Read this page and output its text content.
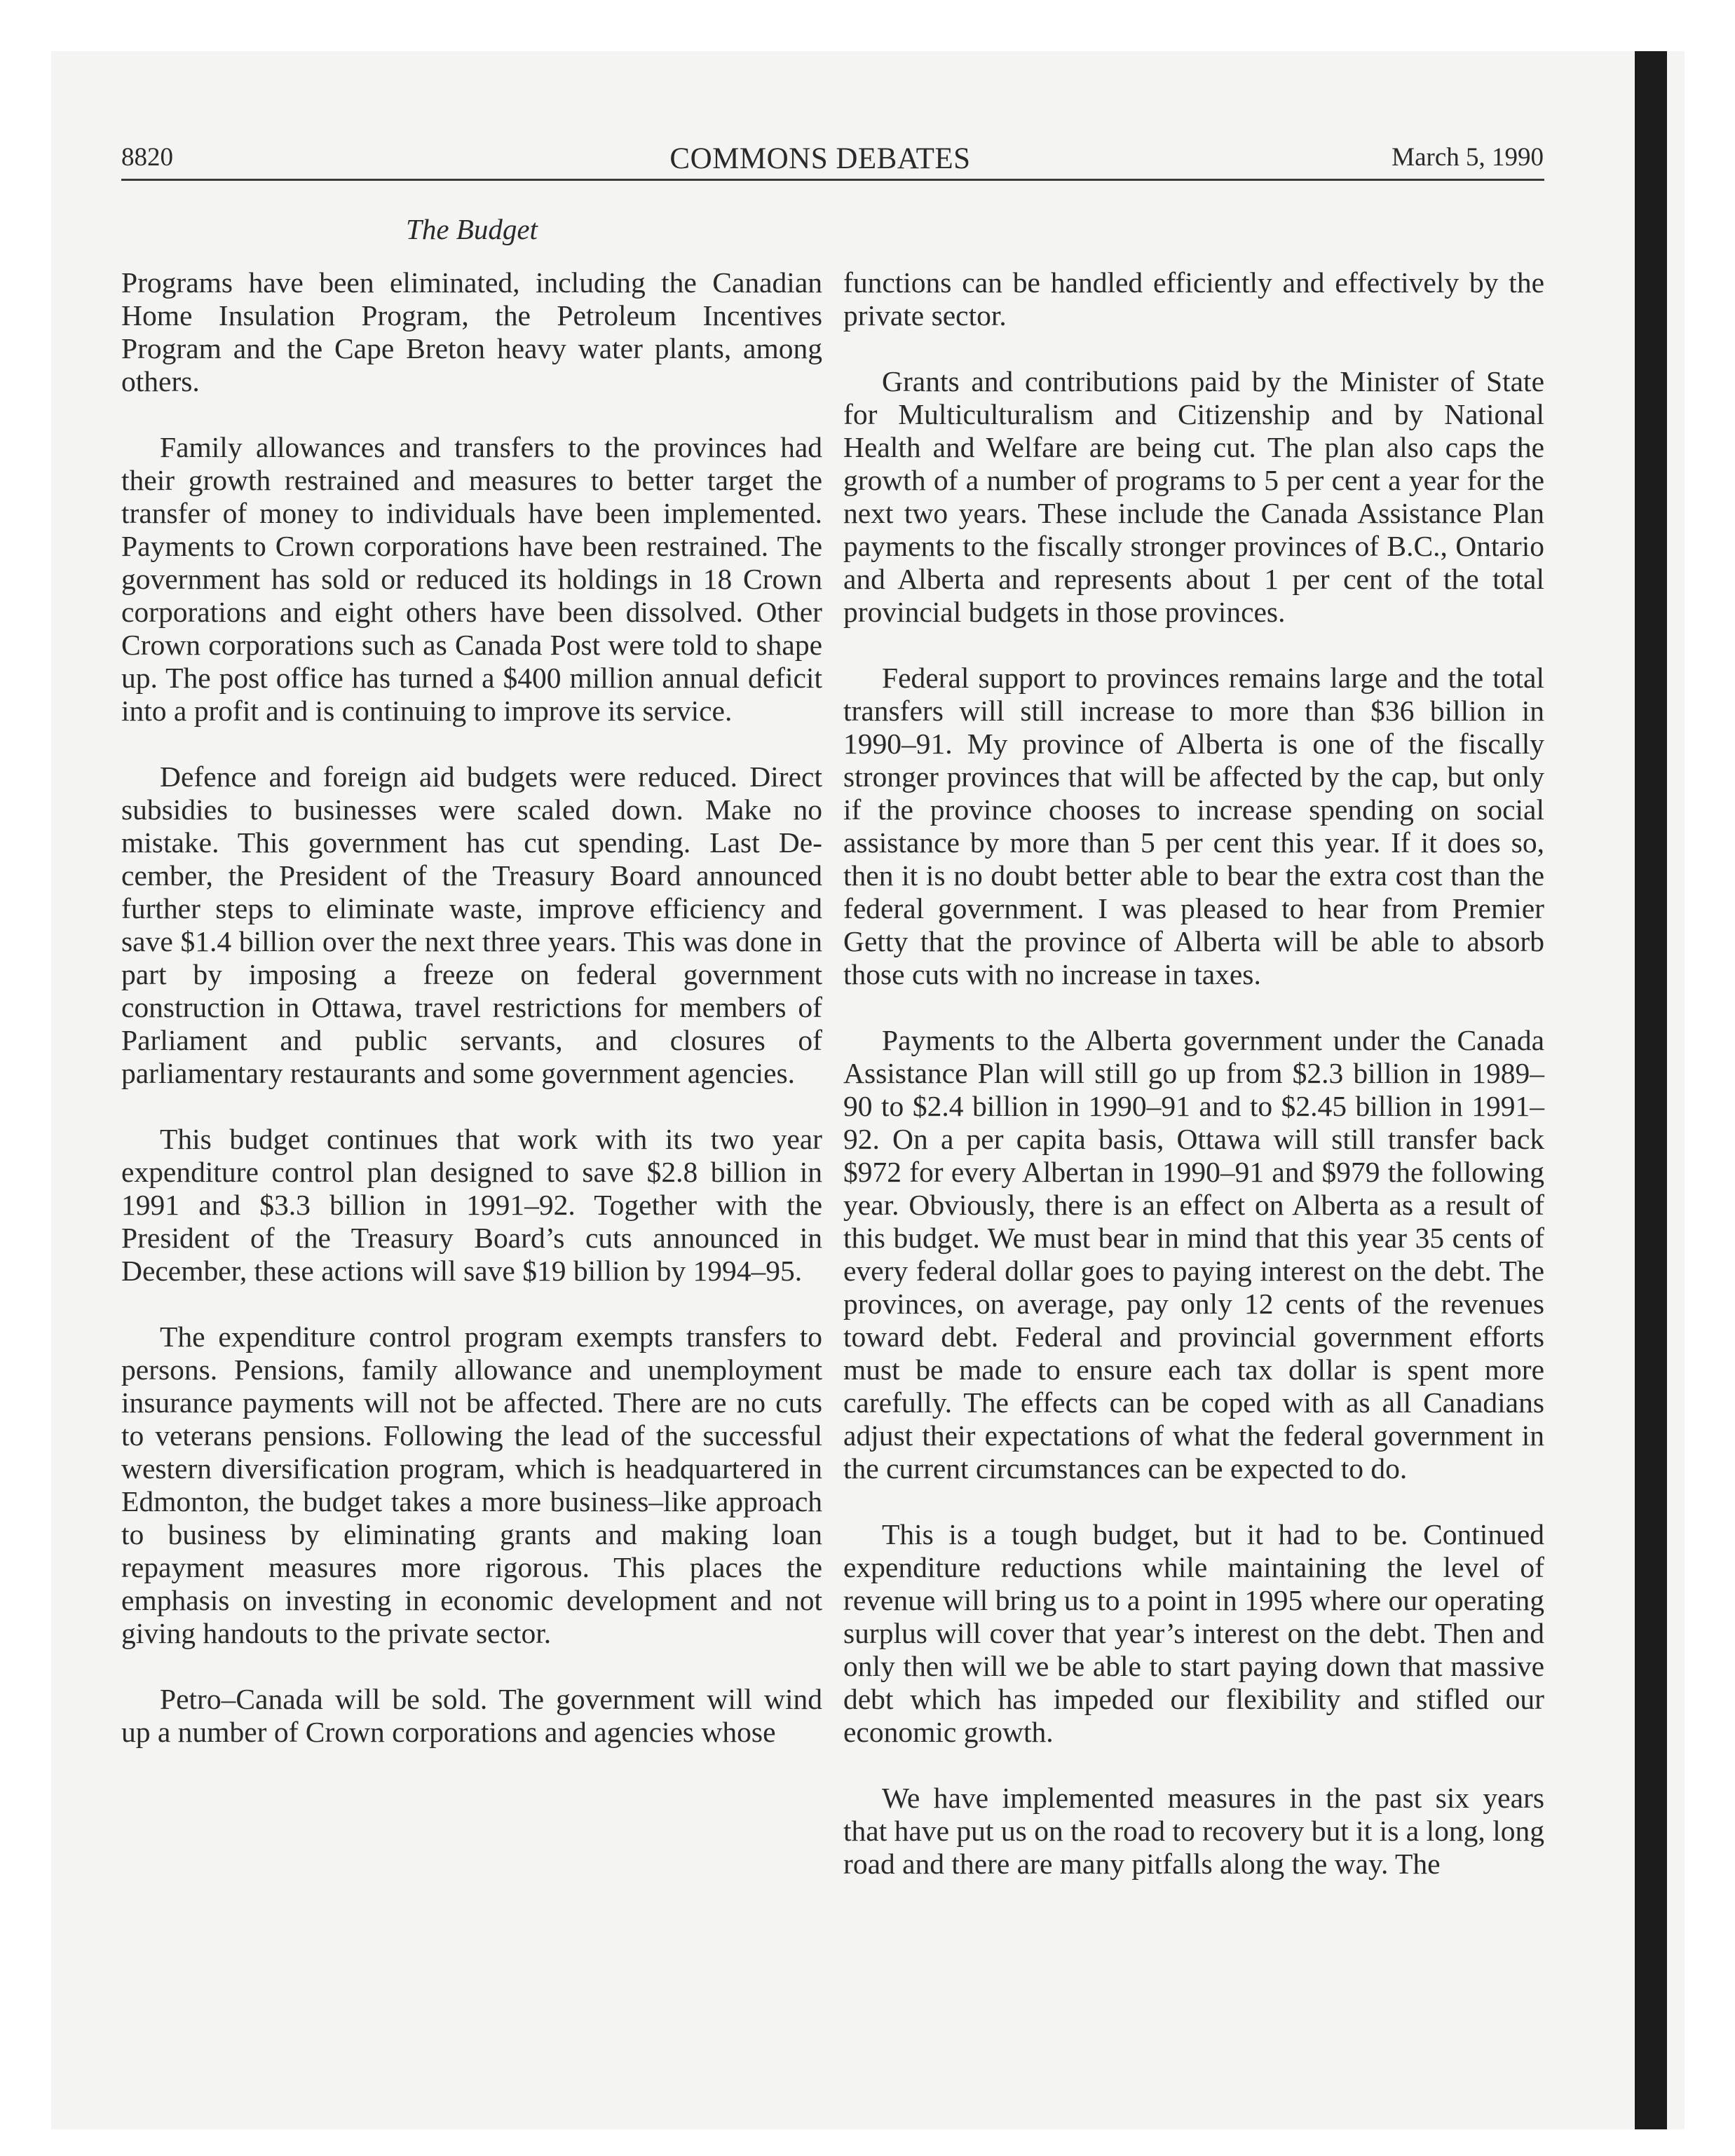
8820	COMMONS DEBATES	March 5, 1990
The Budget

Programs have been eliminated, including the Canadian Home Insulation Program, the Petroleum Incentives Program and the Cape Breton heavy water plants, among others.

Family allowances and transfers to the provinces had their growth restrained and measures to better target the transfer of money to individuals have been implemented. Payments to Crown corporations have been restrained. The government has sold or reduced its holdings in 18 Crown corporations and eight others have been dissolved. Other Crown corporations such as Canada Post were told to shape up. The post office has turned a $400 million annual deficit into a profit and is continuing to improve its service.

Defence and foreign aid budgets were reduced. Direct subsidies to businesses were scaled down. Make no mistake. This government has cut spending. Last December, the President of the Treasury Board announced further steps to eliminate waste, improve efficiency and save $1.4 billion over the next three years. This was done in part by imposing a freeze on federal government construction in Ottawa, travel restrictions for members of Parliament and public servants, and closures of parliamentary restaurants and some government agencies.

This budget continues that work with its two year expenditure control plan designed to save $2.8 billion in 1991 and $3.3 billion in 1991–92. Together with the President of the Treasury Board’s cuts announced in December, these actions will save $19 billion by 1994–95.

The expenditure control program exempts transfers to persons. Pensions, family allowance and unemployment insurance payments will not be affected. There are no cuts to veterans pensions. Following the lead of the successful western diversification program, which is headquartered in Edmonton, the budget takes a more business–like approach to business by eliminating grants and making loan repayment measures more rigorous. This places the emphasis on investing in economic development and not giving handouts to the private sector.

Petro–Canada will be sold. The government will wind up a number of Crown corporations and agencies whose

functions can be handled efficiently and effectively by the private sector.

Grants and contributions paid by the Minister of State for Multiculturalism and Citizenship and by National Health and Welfare are being cut. The plan also caps the growth of a number of programs to 5 per cent a year for the next two years. These include the Canada Assistance Plan payments to the fiscally stronger provinces of B.C., Ontario and Alberta and represents about 1 per cent of the total provincial budgets in those provinces.

Federal support to provinces remains large and the total transfers will still increase to more than $36 billion in 1990–91. My province of Alberta is one of the fiscally stronger provinces that will be affected by the cap, but only if the province chooses to increase spending on social assistance by more than 5 per cent this year. If it does so, then it is no doubt better able to bear the extra cost than the federal government. I was pleased to hear from Premier Getty that the province of Alberta will be able to absorb those cuts with no increase in taxes.

Payments to the Alberta government under the Canada Assistance Plan will still go up from $2.3 billion in 1989–90 to $2.4 billion in 1990–91 and to $2.45 billion in 1991–92. On a per capita basis, Ottawa will still transfer back $972 for every Albertan in 1990–91 and $979 the following year. Obviously, there is an effect on Alberta as a result of this budget. We must bear in mind that this year 35 cents of every federal dollar goes to paying interest on the debt. The provinces, on average, pay only 12 cents of the revenues toward debt. Federal and provincial government efforts must be made to ensure each tax dollar is spent more carefully. The effects can be coped with as all Canadians adjust their expectations of what the federal government in the current circumstances can be expected to do.

This is a tough budget, but it had to be. Continued expenditure reductions while maintaining the level of revenue will bring us to a point in 1995 where our operating surplus will cover that year’s interest on the debt. Then and only then will we be able to start paying down that massive debt which has impeded our flexibility and stifled our economic growth.

We have implemented measures in the past six years that have put us on the road to recovery but it is a long, long road and there are many pitfalls along the way. The
